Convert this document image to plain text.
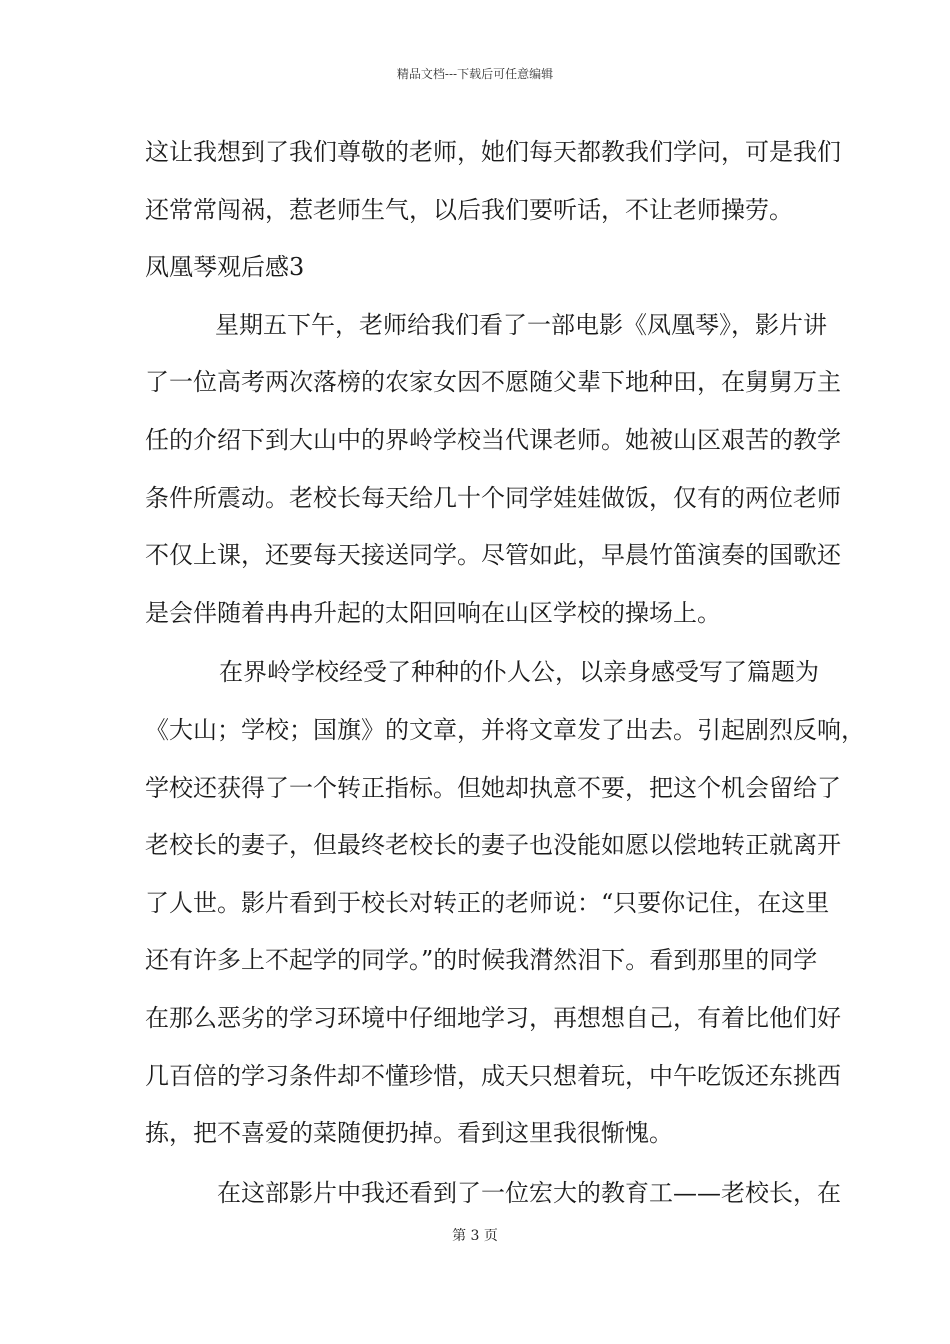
精品文档---下载后可任意编辑
这让我想到了我们尊敬的老师，她们每天都教我们学问，可是我们
还常常闯祸，惹老师生气，以后我们要听话，不让老师操劳。
凤凰琴观后感3
星期五下午，老师给我们看了一部电影《凤凰琴》，影片讲
了一位高考两次落榜的农家女因不愿随父辈下地种田，在舅舅万主
任的介绍下到大山中的界岭学校当代课老师。她被山区艰苦的教学
条件所震动。老校长每天给几十个同学娃娃做饭，仅有的两位老师
不仅上课，还要每天接送同学。尽管如此，早晨竹笛演奏的国歌还
是会伴随着冉冉升起的太阳回响在山区学校的操场上。
在界岭学校经受了种种的仆人公，以亲身感受写了篇题为
《大山；学校；国旗》的文章，并将文章发了出去。引起剧烈反响，
学校还获得了一个转正指标。但她却执意不要，把这个机会留给了
老校长的妻子，但最终老校长的妻子也没能如愿以偿地转正就离开
了人世。影片看到于校长对转正的老师说：“只要你记住，在这里
还有许多上不起学的同学。”的时候我潸然泪下。看到那里的同学
在那么恶劣的学习环境中仔细地学习，再想想自己，有着比他们好
几百倍的学习条件却不懂珍惜，成天只想着玩，中午吃饭还东挑西
拣，把不喜爱的菜随便扔掉。看到这里我很惭愧。
在这部影片中我还看到了一位宏大的教育工——老校长，在
第 3 页
